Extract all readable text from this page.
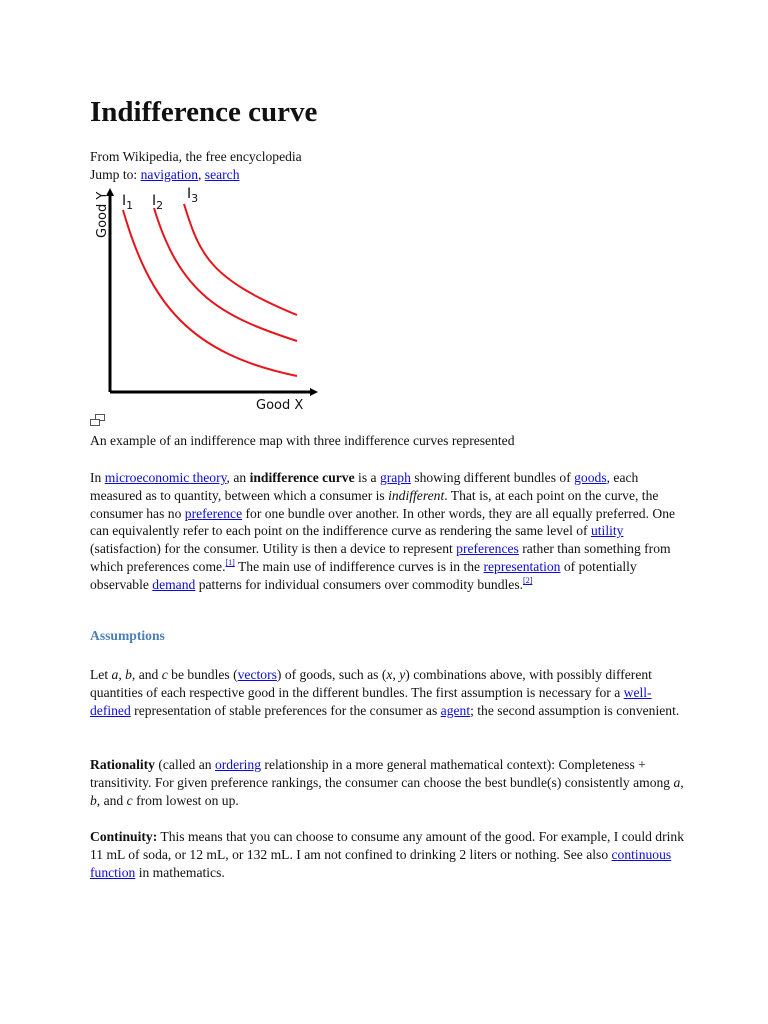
Indifference curve
From Wikipedia, the free encyclopedia
Jump to: navigation, search
Good Y
Good X
$I_1$ $I_2$
$I_3$
An example of an indifference map with three indifference curves represented

In microeconomic theory, an indifference curve is a graph showing different bundles of goods, each measured as to quantity, between which a consumer is indifferent. That is, at each point on the curve, the consumer has no preference for one bundle over another. In other words, they are all equally preferred. One can equivalently refer to each point on the indifference curve as rendering the same level of utility (satisfaction) for the consumer. Utility is then a device to represent preferences rather than something from which preferences come.[1] The main use of indifference curves is in the representation of potentially observable demand patterns for individual consumers over commodity bundles.[2]

Assumptions

Let a, b, and c be bundles (vectors) of goods, such as (x, y) combinations above, with possibly different quantities of each respective good in the different bundles. The first assumption is necessary for a well-defined representation of stable preferences for the consumer as agent; the second assumption is convenient.

Rationality (called an ordering relationship in a more general mathematical context): Completeness + transitivity. For given preference rankings, the consumer can choose the best bundle(s) consistently among a, b, and c from lowest on up.

Continuity: This means that you can choose to consume any amount of the good. For example, I could drink 11 mL of soda, or 12 mL, or 132 mL. I am not confined to drinking 2 liters or nothing. See also continuous function in mathematics.
